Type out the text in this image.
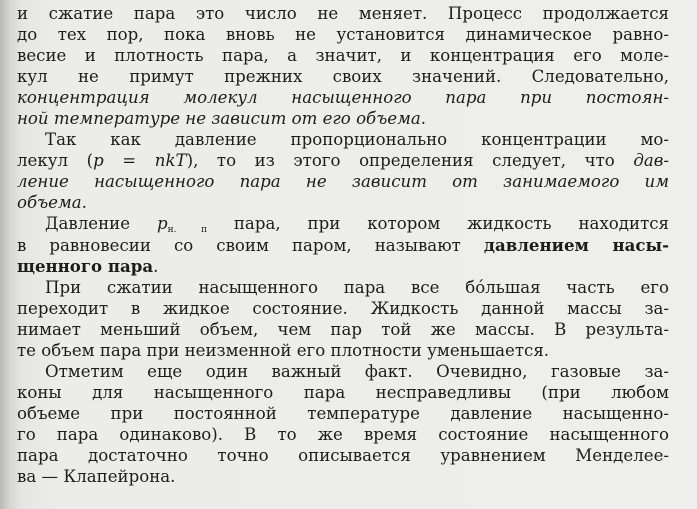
и сжатие пара это число не меняет. Процесс продолжается
до тех пор, пока вновь не установится динамическое равно-
весие и плотность пара, а значит, и концентрация его моле-
кул не примут прежних своих значений. Следовательно,
концентрация молекул насыщенного пара при постоян-
ной температуре не зависит от его объема.
Так как давление пропорционально концентрации мо-
лекул (p = nkT), то из этого определения следует, что дав-
ление насыщенного пара не зависит от занимаемого им
объема.
Давление $p_{н. п}$ пара, при котором жидкость находится
в равновесии со своим паром, называют давлением насы-
щенного пара.
При сжатии насыщенного пара все бóльшая часть его
переходит в жидкое состояние. Жидкость данной массы за-
нимает меньший объем, чем пар той же массы. В результа-
те объем пара при неизменной его плотности уменьшается.
Отметим еще один важный факт. Очевидно, газовые за-
коны для насыщенного пара несправедливы (при любом
объеме при постоянной температуре давление насыщенно-
го пара одинаково). В то же время состояние насыщенного
пара достаточно точно описывается уравнением Менделее-
ва — Клапейрона.
